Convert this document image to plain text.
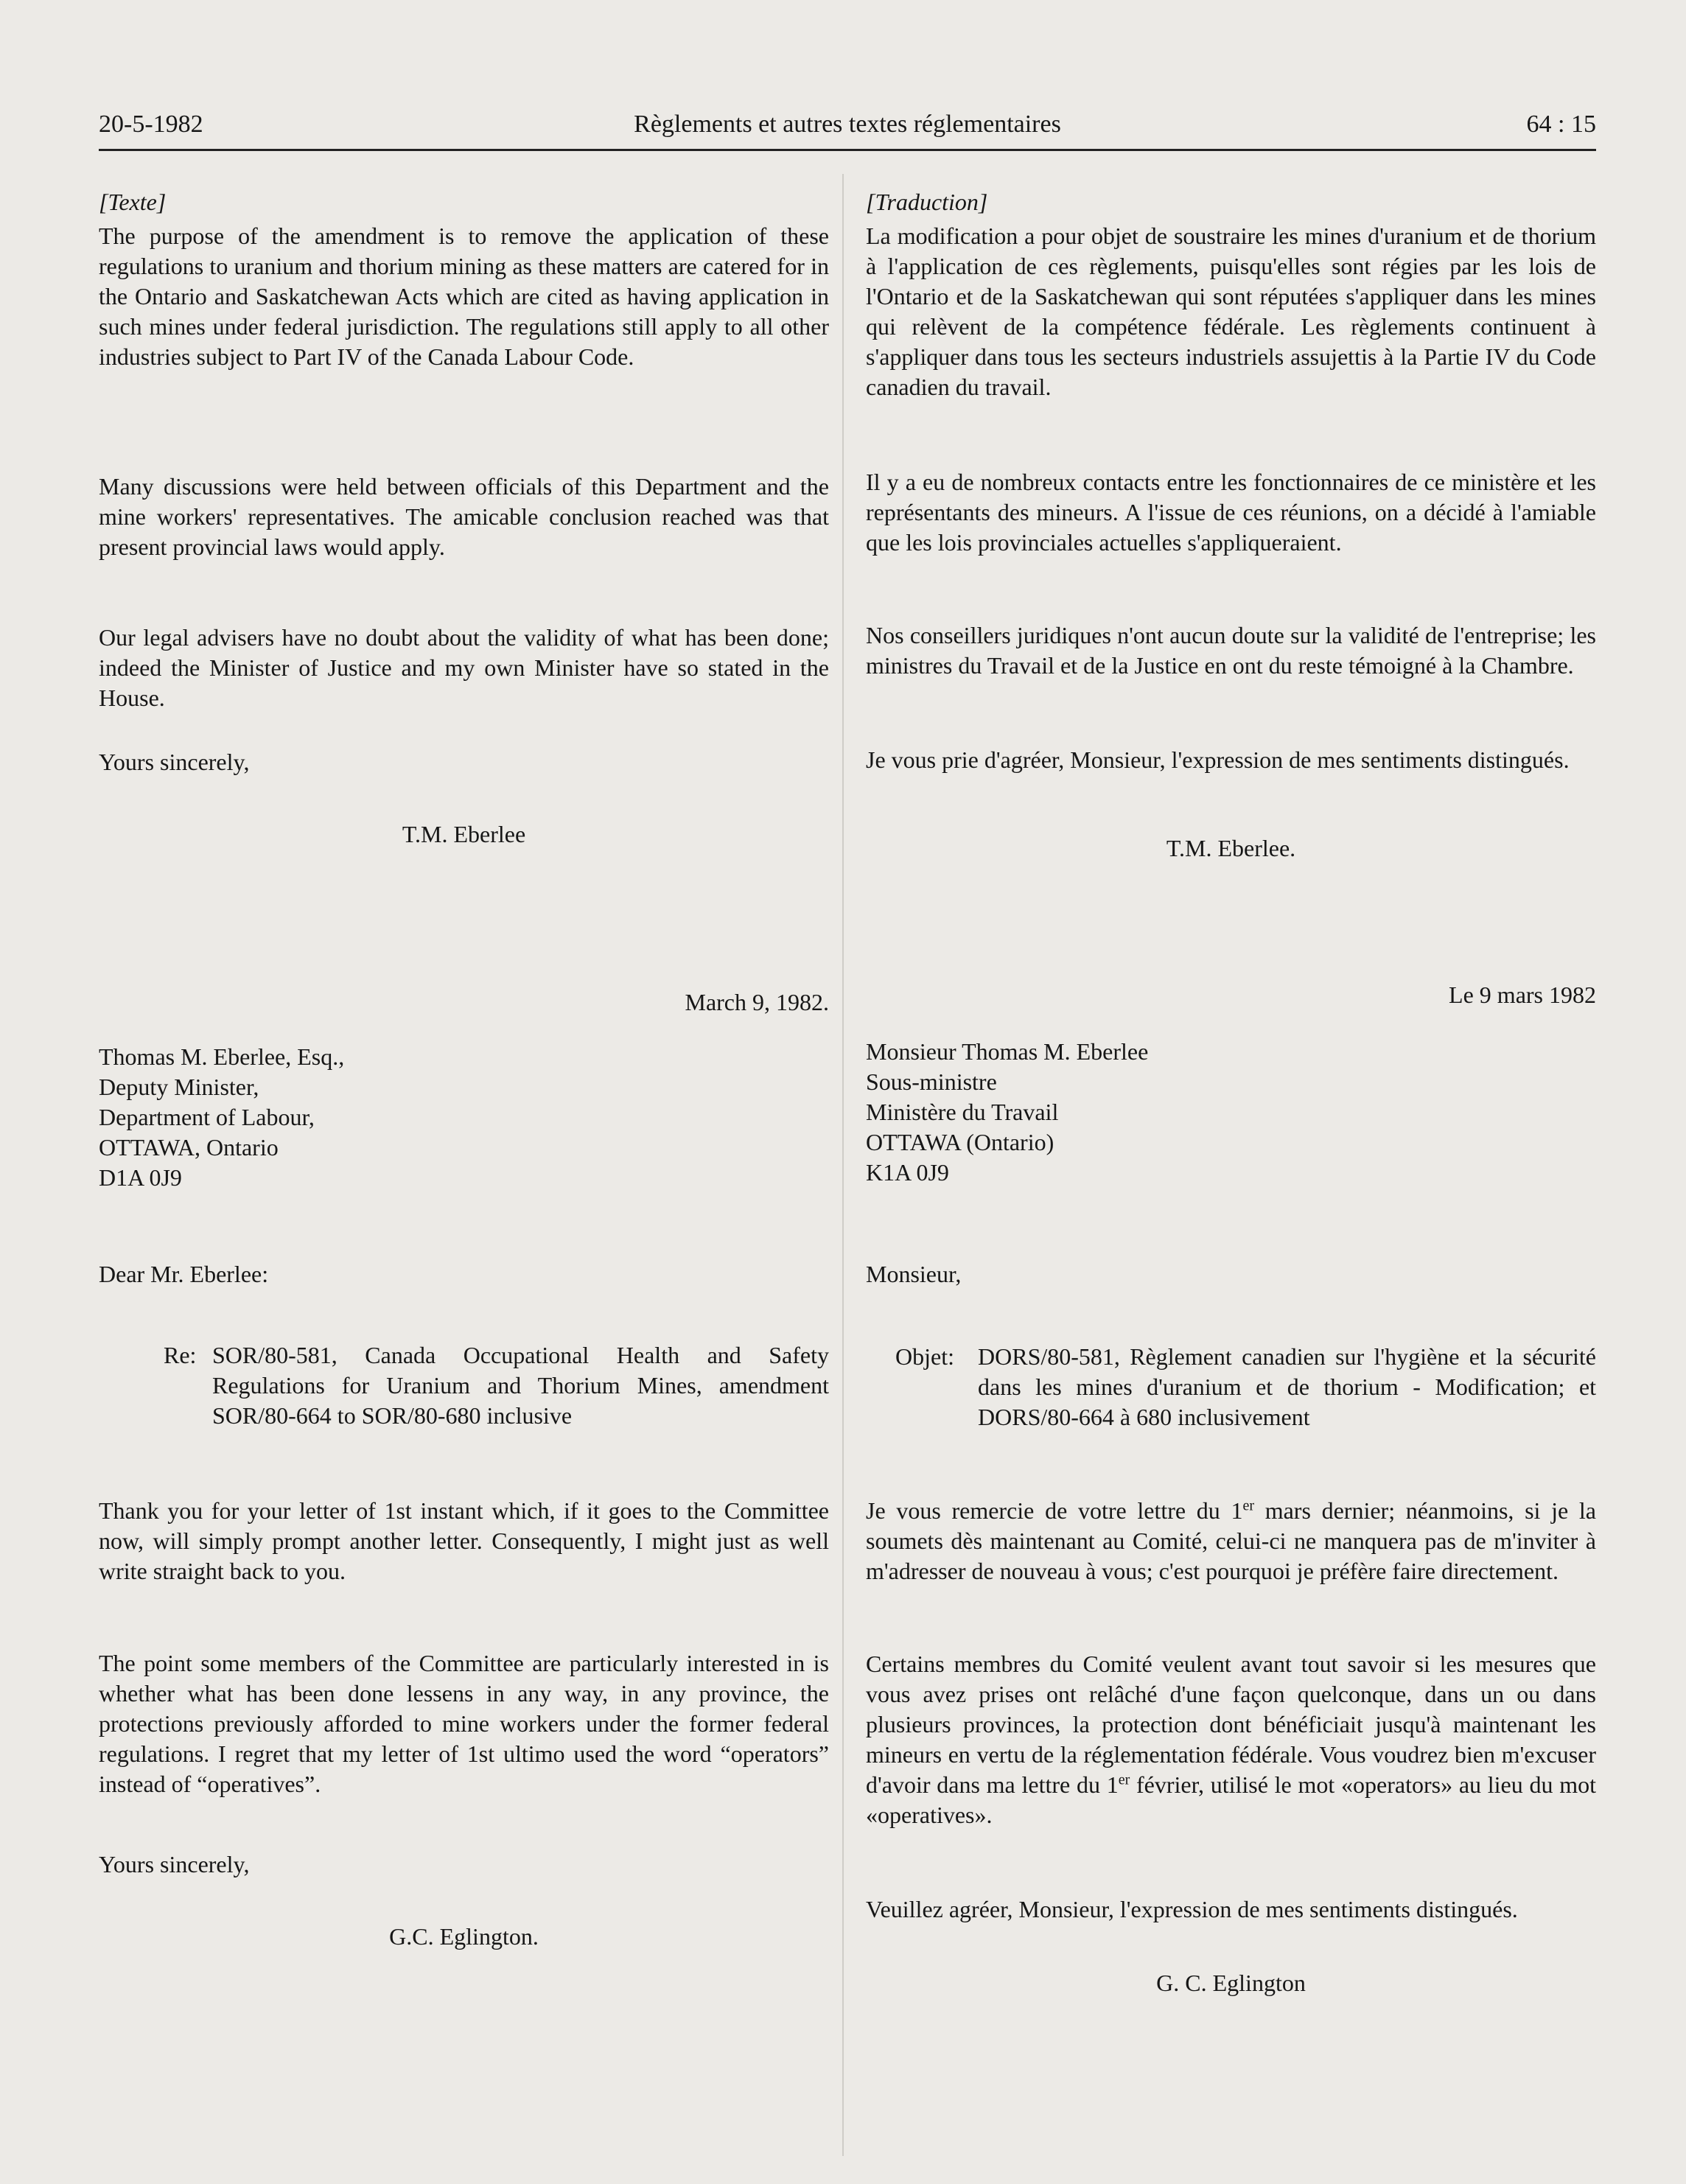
20-5-1982	Règlements et autres textes réglementaires	64 : 15
[Texte]

The purpose of the amendment is to remove the application of these regulations to uranium and thorium mining as these matters are catered for in the Ontario and Saskatchewan Acts which are cited as having application in such mines under federal jurisdiction. The regulations still apply to all other industries subject to Part IV of the Canada Labour Code.

Many discussions were held between officials of this Department and the mine workers' representatives. The amicable conclusion reached was that present provincial laws would apply.

Our legal advisers have no doubt about the validity of what has been done; indeed the Minister of Justice and my own Minister have so stated in the House.

Yours sincerely,

T.M. Eberlee

March 9, 1982.

Thomas M. Eberlee, Esq.,
Deputy Minister,
Department of Labour,
OTTAWA, Ontario
D1A 0J9

Dear Mr. Eberlee:

Re: SOR/80-581, Canada Occupational Health and Safety Regulations for Uranium and Thorium Mines, amendment SOR/80-664 to SOR/80-680 inclusive

Thank you for your letter of 1st instant which, if it goes to the Committee now, will simply prompt another letter. Consequently, I might just as well write straight back to you.

The point some members of the Committee are particularly interested in is whether what has been done lessens in any way, in any province, the protections previously afforded to mine workers under the former federal regulations. I regret that my letter of 1st ultimo used the word “operators” instead of “operatives”.

Yours sincerely,

G.C. Eglington.

[Traduction]

La modification a pour objet de soustraire les mines d'uranium et de thorium à l'application de ces règlements, puisqu'elles sont régies par les lois de l'Ontario et de la Saskatchewan qui sont réputées s'appliquer dans les mines qui relèvent de la compétence fédérale. Les règlements continuent à s'appliquer dans tous les secteurs industriels assujettis à la Partie IV du Code canadien du travail.

Il y a eu de nombreux contacts entre les fonctionnaires de ce ministère et les représentants des mineurs. A l'issue de ces réunions, on a décidé à l'amiable que les lois provinciales actuelles s'appliqueraient.

Nos conseillers juridiques n'ont aucun doute sur la validité de l'entreprise; les ministres du Travail et de la Justice en ont du reste témoigné à la Chambre.

Je vous prie d'agréer, Monsieur, l'expression de mes sentiments distingués.

T.M. Eberlee.

Le 9 mars 1982

Monsieur Thomas M. Eberlee
Sous-ministre
Ministère du Travail
OTTAWA (Ontario)
K1A 0J9

Monsieur,

Objet: DORS/80-581, Règlement canadien sur l'hygiène et la sécurité dans les mines d'uranium et de thorium - Modification; et DORS/80-664 à 680 inclusivement

Je vous remercie de votre lettre du 1er mars dernier; néanmoins, si je la soumets dès maintenant au Comité, celui-ci ne manquera pas de m'inviter à m'adresser de nouveau à vous; c'est pourquoi je préfère faire directement.

Certains membres du Comité veulent avant tout savoir si les mesures que vous avez prises ont relâché d'une façon quelconque, dans un ou dans plusieurs provinces, la protection dont bénéficiait jusqu'à maintenant les mineurs en vertu de la réglementation fédérale. Vous voudrez bien m'excuser d'avoir dans ma lettre du 1er février, utilisé le mot «operators» au lieu du mot «operatives».

Veuillez agréer, Monsieur, l'expression de mes sentiments distingués.

G. C. Eglington
